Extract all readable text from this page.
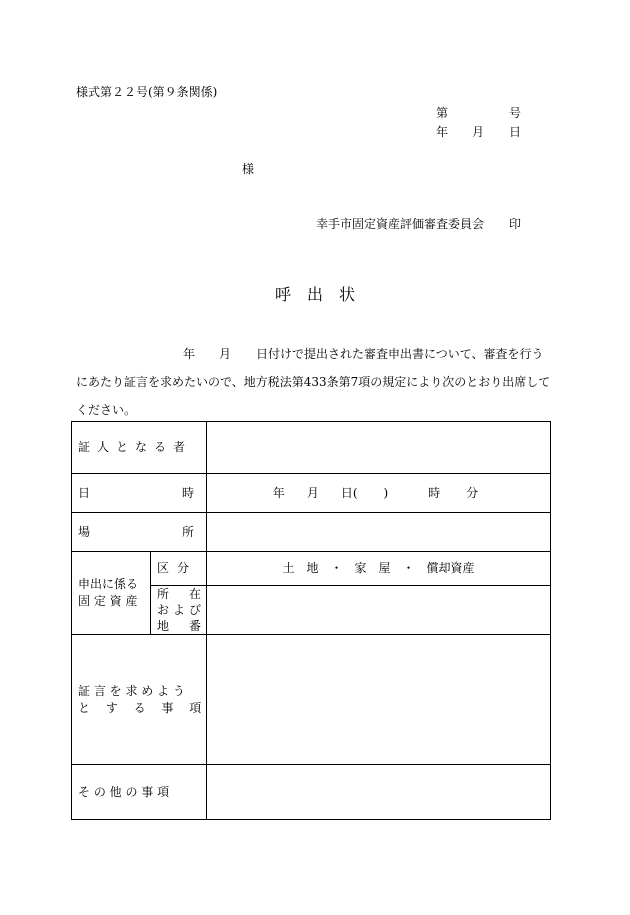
様式第２２号(第９条関係)
第	号
年 月 日
様
幸手市固定資産評価審査委員会 印
呼　出　状
年 月 日付けで提出された審査申出書について、審査を行う
にあたり証言を求めたいので、地方税法第433条第7項の規定により次のとおり出席して
ください。
証人となる者		

日 時		年 月 日( ) 時 分

場 所		

申出に係る
固 定 資 産	区分	土　地　・　家　屋　・　償却資産

	所　在
および
地　番	

証 言 を 求 め よ う
と　 す　 る　 事　 項		

そ の 他 の 事 項		
